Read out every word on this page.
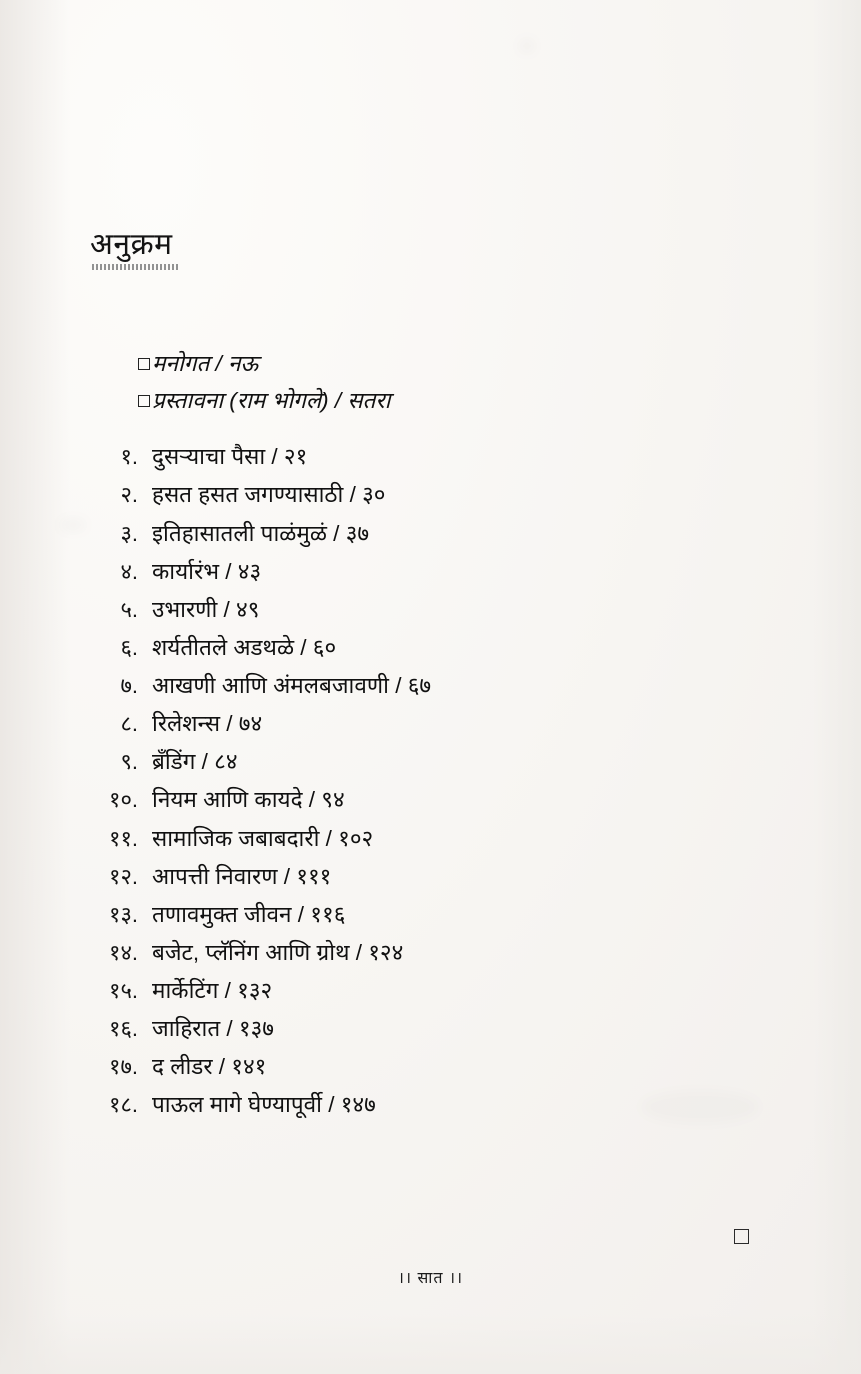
अनुक्रम
मनोगत / नऊ
प्रस्तावना (राम भोगले) / सतरा
१. दुसऱ्याचा पैसा / २१
२. हसत हसत जगण्यासाठी / ३०
३. इतिहासातली पाळंमुळं / ३७
४. कार्यारंभ / ४३
५. उभारणी / ४९
६. शर्यतीतले अडथळे / ६०
७. आखणी आणि अंमलबजावणी / ६७
८. रिलेशन्स / ७४
९. ब्रॅंडिंग / ८४
१०. नियम आणि कायदे / ९४
११. सामाजिक जबाबदारी / १०२
१२. आपत्ती निवारण / १११
१३. तणावमुक्त जीवन / ११६
१४. बजेट, प्लॅनिंग आणि ग्रोथ / १२४
१५. मार्केटिंग / १३२
१६. जाहिरात / १३७
१७. द लीडर / १४१
१८. पाऊल मागे घेण्यापूर्वी / १४७
।। सात ।।
